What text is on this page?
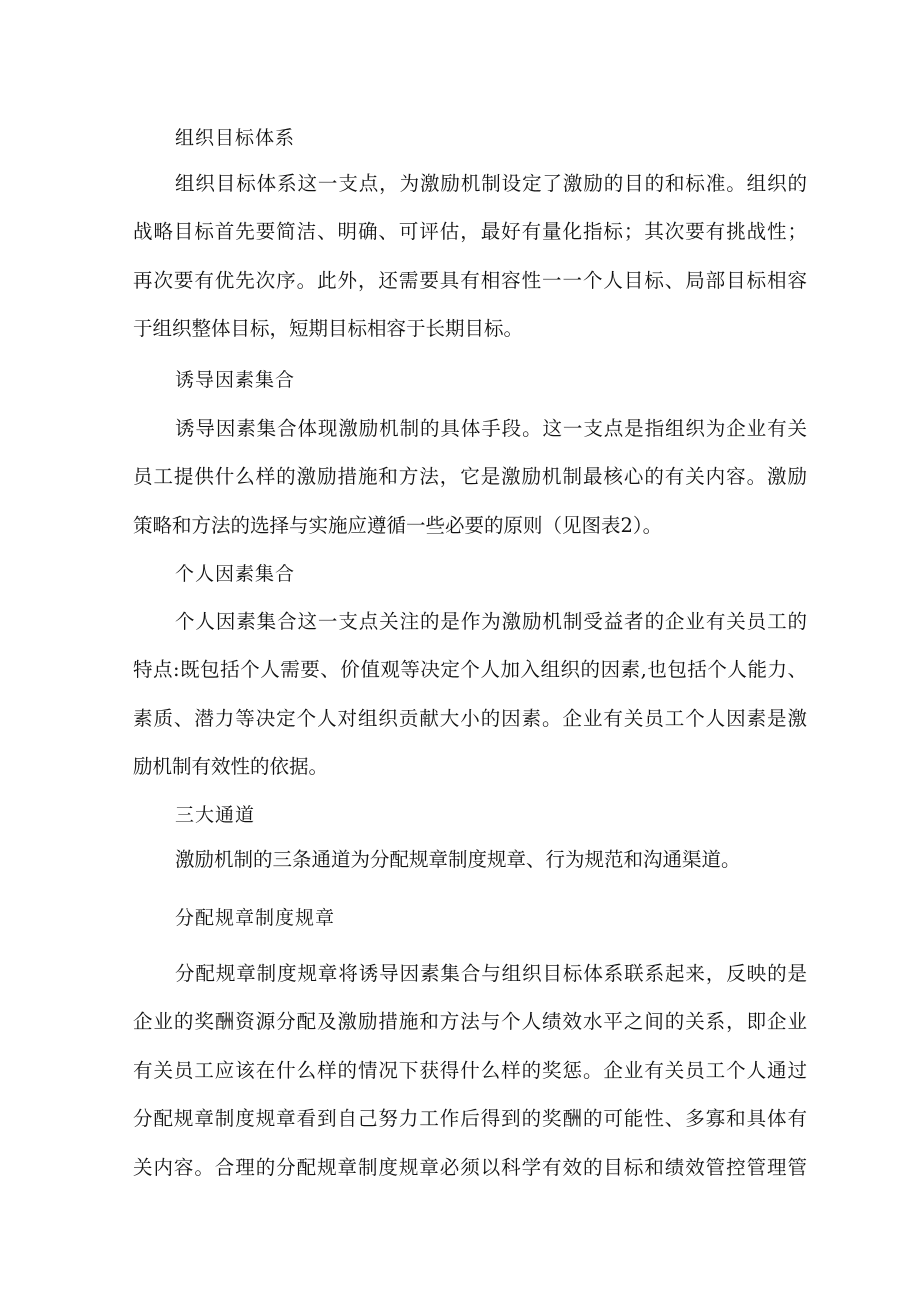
组织目标体系
组织目标体系这一支点，为激励机制设定了激励的目的和标准。组织的
战略目标首先要简洁、明确、可评估，最好有量化指标；其次要有挑战性；
再次要有优先次序。此外，还需要具有相容性一一个人目标、局部目标相容
于组织整体目标，短期目标相容于长期目标。
诱导因素集合
诱导因素集合体现激励机制的具体手段。这一支点是指组织为企业有关
员工提供什么样的激励措施和方法，它是激励机制最核心的有关内容。激励
策略和方法的选择与实施应遵循一些必要的原则（见图表2）。
个人因素集合
个人因素集合这一支点关注的是作为激励机制受益者的企业有关员工的
特点:既包括个人需要、价值观等决定个人加入组织的因素,也包括个人能力、
素质、潜力等决定个人对组织贡献大小的因素。企业有关员工个人因素是激
励机制有效性的依据。
三大通道
激励机制的三条通道为分配规章制度规章、行为规范和沟通渠道。
分配规章制度规章
分配规章制度规章将诱导因素集合与组织目标体系联系起来，反映的是
企业的奖酬资源分配及激励措施和方法与个人绩效水平之间的关系，即企业
有关员工应该在什么样的情况下获得什么样的奖惩。企业有关员工个人通过
分配规章制度规章看到自己努力工作后得到的奖酬的可能性、多寡和具体有
关内容。合理的分配规章制度规章必须以科学有效的目标和绩效管控管理管
